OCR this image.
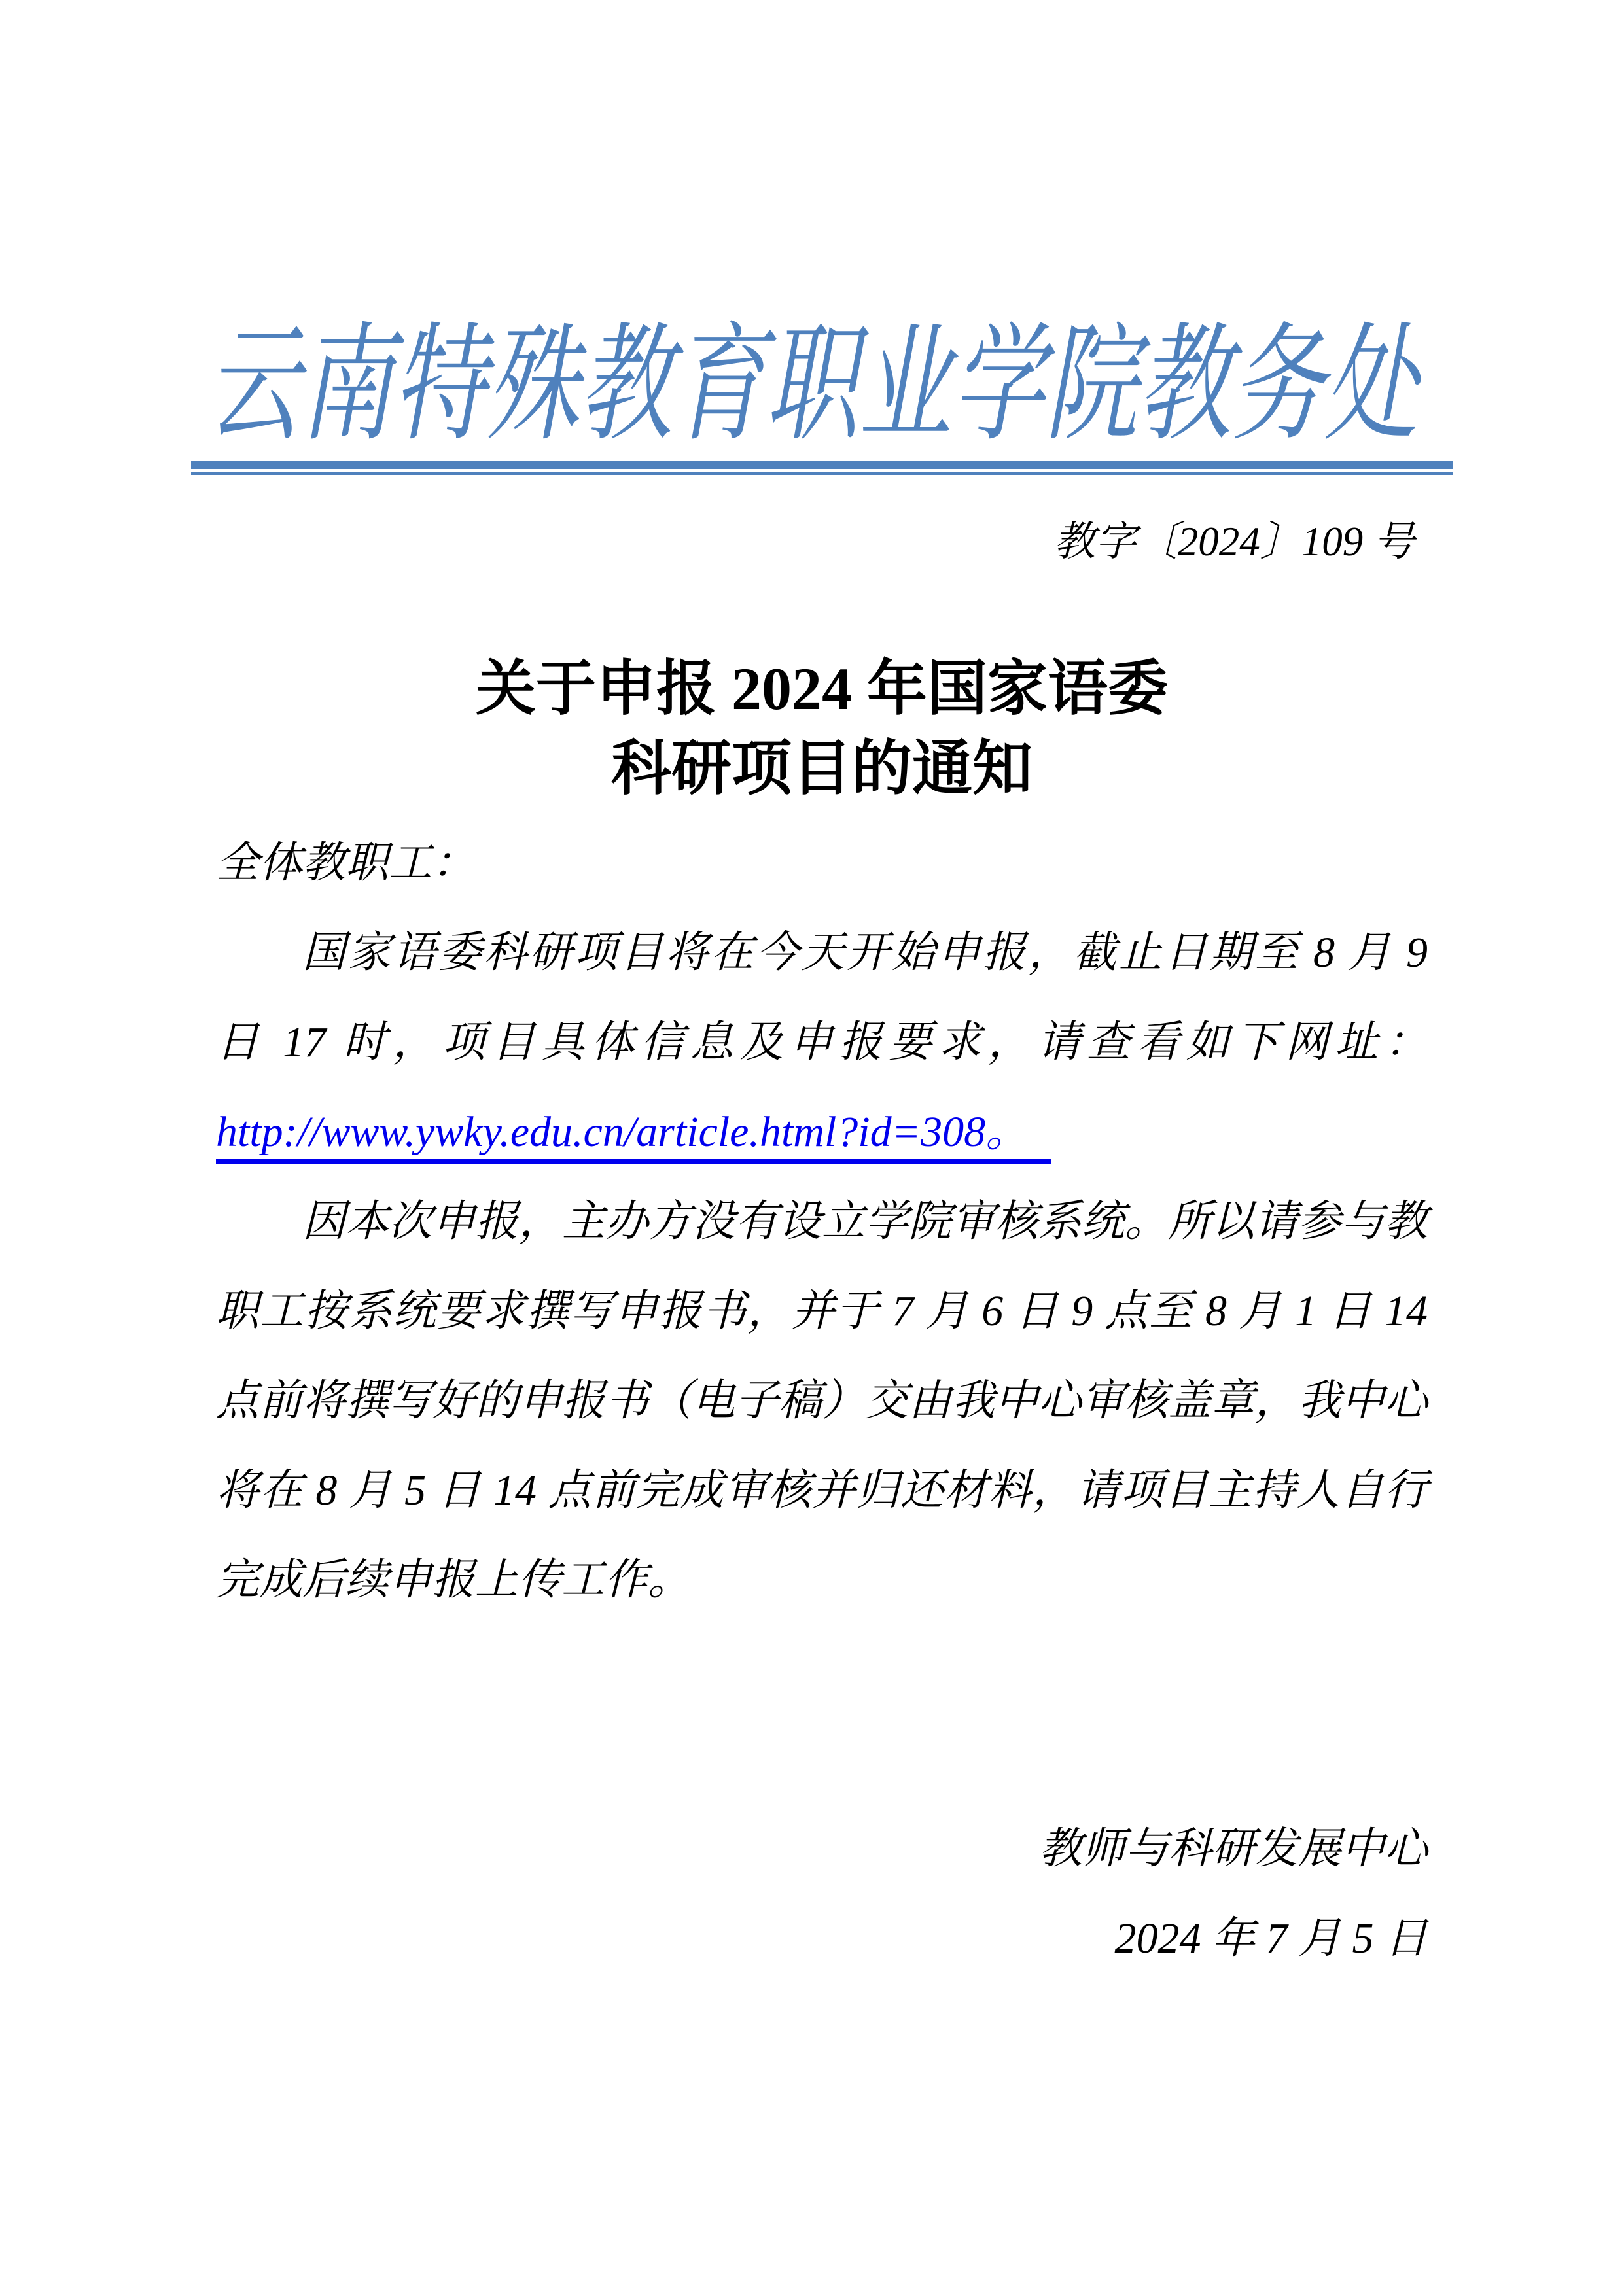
云南特殊教育职业学院教务处
教字〔2024〕109 号
关于申报 2024 年国家语委
科研项目的通知
全体教职工：
国家语委科研项目将在今天开始申报，截止日期至 8 月 9
日 17 时，项目具体信息及申报要求，请查看如下网址：
http://www.ywky.edu.cn/article.html?id=308。
因本次申报，主办方没有设立学院审核系统。所以请参与教
职工按系统要求撰写申报书，并于 7 月 6 日 9 点至 8 月 1 日 14
点前将撰写好的申报书（电子稿）交由我中心审核盖章，我中心
将在 8 月 5 日 14 点前完成审核并归还材料，请项目主持人自行
完成后续申报上传工作。
教师与科研发展中心
2024 年 7 月 5 日
